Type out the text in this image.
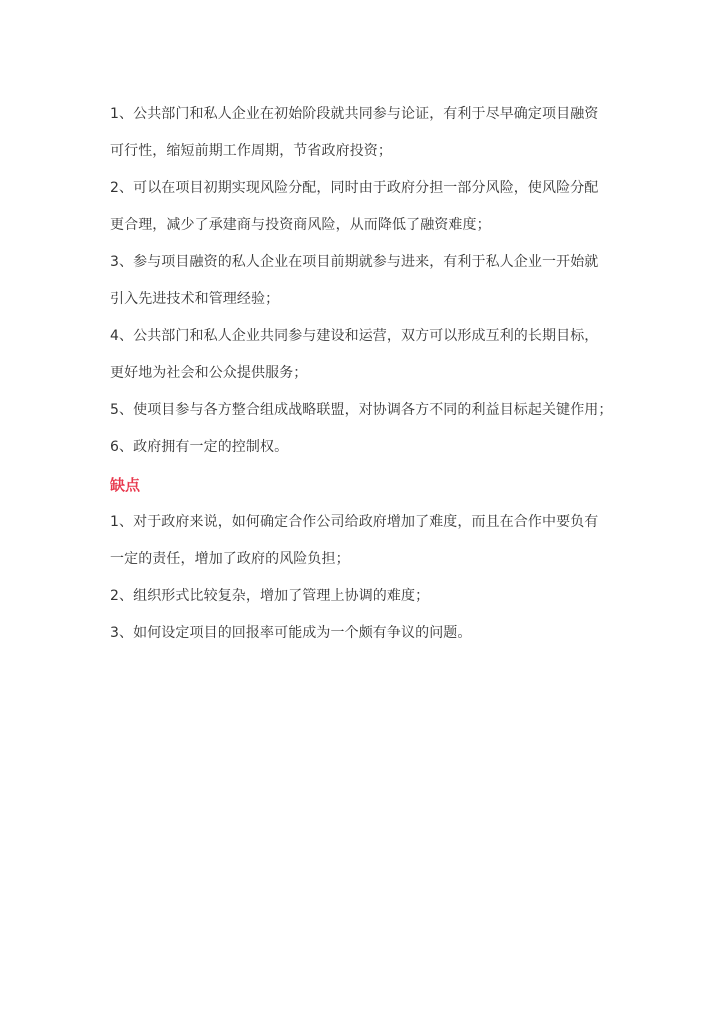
1、公共部门和私人企业在初始阶段就共同参与论证，有利于尽早确定项目融资
可行性，缩短前期工作周期，节省政府投资；
2、可以在项目初期实现风险分配，同时由于政府分担一部分风险，使风险分配
更合理，减少了承建商与投资商风险，从而降低了融资难度；
3、参与项目融资的私人企业在项目前期就参与进来，有利于私人企业一开始就
引入先进技术和管理经验；
4、公共部门和私人企业共同参与建设和运营，双方可以形成互利的长期目标，
更好地为社会和公众提供服务；
5、使项目参与各方整合组成战略联盟，对协调各方不同的利益目标起关键作用；
6、政府拥有一定的控制权。
缺点
1、对于政府来说，如何确定合作公司给政府增加了难度，而且在合作中要负有
一定的责任，增加了政府的风险负担；
2、组织形式比较复杂，增加了管理上协调的难度；
3、如何设定项目的回报率可能成为一个颇有争议的问题。
